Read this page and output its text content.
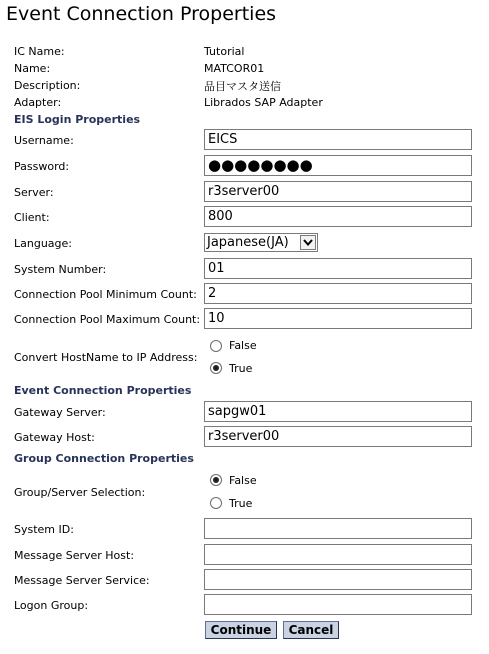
Event Connection Properties
IC Name:	Tutorial
Name:	MATCOR01
Description:	品目マスタ送信
Adapter:	Librados SAP Adapter
EIS Login Properties
Username:
EICS
Password:	●●●●●●●●
Server:
r3server00
Client:
800
Language:	Japanese(JA)
System Number:
01
Connection Pool Minimum Count:
2
Connection Pool Maximum Count:
10
Convert HostName to IP Address:
False
True
Event Connection Properties
Gateway Server:
sapgw01
Gateway Host:
r3server00
Group Connection Properties
Group/Server Selection:
False
True
System ID:
Message Server Host:
Message Server Service:
Logon Group:
Continue	Cancel
